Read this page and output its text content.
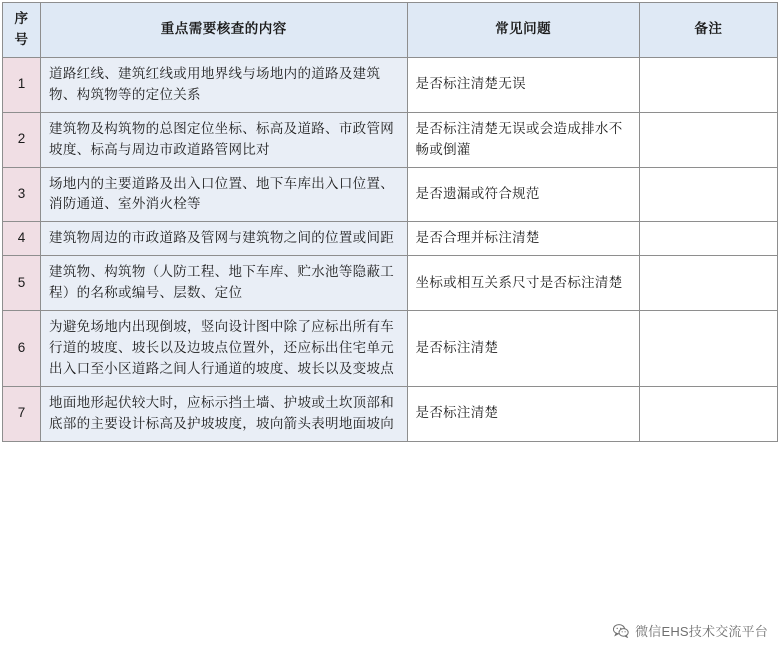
序号	重点需要核查的内容	常见问题	备注
1	道路红线、建筑红线或用地界线与场地内的道路及建筑物、构筑物等的定位关系	是否标注清楚无误	
2	建筑物及构筑物的总图定位坐标、标高及道路、市政管网坡度、标高与周边市政道路管网比对	是否标注清楚无误或会造成排水不畅或倒灌	
3	场地内的主要道路及出入口位置、地下车库出入口位置、消防通道、室外消火栓等	是否遗漏或符合规范	
4	建筑物周边的市政道路及管网与建筑物之间的位置或间距	是否合理并标注清楚	
5	建筑物、构筑物（人防工程、地下车库、贮水池等隐蔽工程）的名称或编号、层数、定位	坐标或相互关系尺寸是否标注清楚	
6	为避免场地内出现倒坡，竖向设计图中除了应标出所有车行道的坡度、坡长以及边坡点位置外，还应标出住宅单元出入口至小区道路之间人行通道的坡度、坡长以及变坡点	是否标注清楚	
7	地面地形起伏较大时，应标示挡土墙、护坡或土坎顶部和底部的主要设计标高及护坡坡度，坡向箭头表明地面坡向	是否标注清楚	
微信EHS技术交流平台
